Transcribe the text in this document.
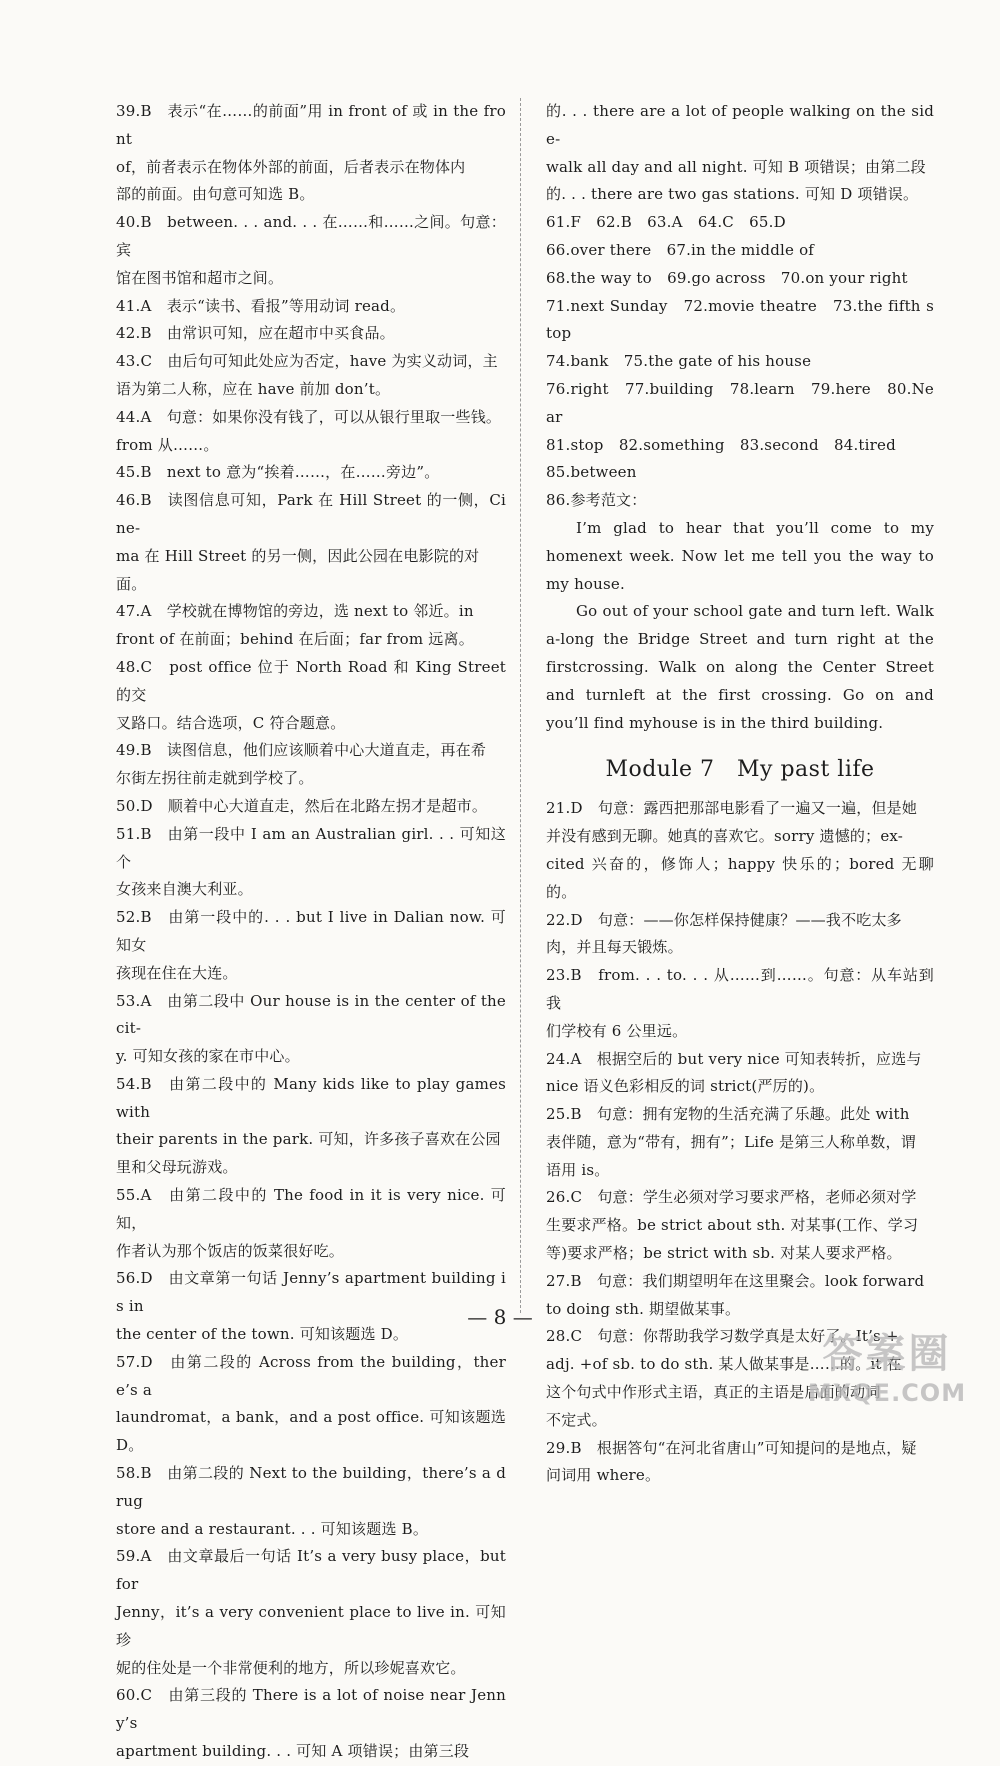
39.B　表示“在……的前面”用 in front of 或 in the front
of，前者表示在物体外部的前面，后者表示在物体内
部的前面。由句意可知选 B。
40.B　between. . . and. . . 在……和……之间。句意：宾
馆在图书馆和超市之间。
41.A　表示“读书、看报”等用动词 read。
42.B　由常识可知，应在超市中买食品。
43.C　由后句可知此处应为否定，have 为实义动词，主
语为第二人称，应在 have 前加 don’t。
44.A　句意：如果你没有钱了，可以从银行里取一些钱。
from 从……。
45.B　next to 意为“挨着……，在……旁边”。
46.B　读图信息可知，Park 在 Hill Street 的一侧，Cine-
ma 在 Hill Street 的另一侧，因此公园在电影院的对
面。
47.A　学校就在博物馆的旁边，选 next to 邻近。in
front of 在前面；behind 在后面；far from 远离。
48.C　post office 位于 North Road 和 King Street 的交
叉路口。结合选项，C 符合题意。
49.B　读图信息，他们应该顺着中心大道直走，再在希
尔街左拐往前走就到学校了。
50.D　顺着中心大道直走，然后在北路左拐才是超市。
51.B　由第一段中 I am an Australian girl. . . 可知这个
女孩来自澳大利亚。
52.B　由第一段中的. . . but I live in Dalian now. 可知女
孩现在住在大连。
53.A　由第二段中 Our house is in the center of the cit-
y. 可知女孩的家在市中心。
54.B　由第二段中的 Many kids like to play games with
their parents in the park. 可知，许多孩子喜欢在公园
里和父母玩游戏。
55.A　由第二段中的 The food in it is very nice. 可知，
作者认为那个饭店的饭菜很好吃。
56.D　由文章第一句话 Jenny’s apartment building is in
the center of the town. 可知该题选 D。
57.D　由第二段的 Across from the building，there’s a
laundromat，a bank，and a post office. 可知该题选 D。
58.B　由第二段的 Next to the building，there’s a drug
store and a restaurant. . . 可知该题选 B。
59.A　由文章最后一句话 It’s a very busy place，but for
Jenny，it’s a very convenient place to live in. 可知珍
妮的住处是一个非常便利的地方，所以珍妮喜欢它。
60.C　由第三段的 There is a lot of noise near Jenny’s
apartment building. . . 可知 A 项错误；由第三段
的. . . there are a lot of people walking on the side-
walk all day and all night. 可知 B 项错误；由第二段
的. . . there are two gas stations. 可知 D 项错误。
61.F　62.B　63.A　64.C　65.D
66.over there　67.in the middle of
68.the way to　69.go across　70.on your right
71.next Sunday　72.movie theatre　73.the fifth stop
74.bank　75.the gate of his house
76.right　77.building　78.learn　79.here　80.Near
81.stop　82.something　83.second　84.tired
85.between
86.参考范文：
I’m glad to hear that you’ll come to my homenext week. Now let me tell you the way to my house.
Go out of your school gate and turn left. Walk a-long the Bridge Street and turn right at the firstcrossing. Walk on along the Center Street and turnleft at the first crossing. Go on and you’ll find myhouse is in the third building.
Module 7　My past life
21.D　句意：露西把那部电影看了一遍又一遍，但是她
并没有感到无聊。她真的喜欢它。sorry 遗憾的；ex-
cited 兴奋的，修饰人；happy 快乐的；bored 无聊的。
22.D　句意：——你怎样保持健康？——我不吃太多
肉，并且每天锻炼。
23.B　from. . . to. . . 从……到……。句意：从车站到我
们学校有 6 公里远。
24.A　根据空后的 but very nice 可知表转折，应选与
nice 语义色彩相反的词 strict(严厉的)。
25.B　句意：拥有宠物的生活充满了乐趣。此处 with
表伴随，意为“带有，拥有”；Life 是第三人称单数，谓
语用 is。
26.C　句意：学生必须对学习要求严格，老师必须对学
生要求严格。be strict about sth. 对某事(工作、学习
等)要求严格；be strict with sb. 对某人要求严格。
27.B　句意：我们期望明年在这里聚会。look forward
to doing sth. 期望做某事。
28.C　句意：你帮助我学习数学真是太好了。It’s +
adj. +of sb. to do sth. 某人做某事是……的。it 在
这个句式中作形式主语，真正的主语是后面的动词
不定式。
29.B　根据答句“在河北省唐山”可知提问的是地点，疑
问词用 where。
— 8 —
答案圈
MXQE.COM
